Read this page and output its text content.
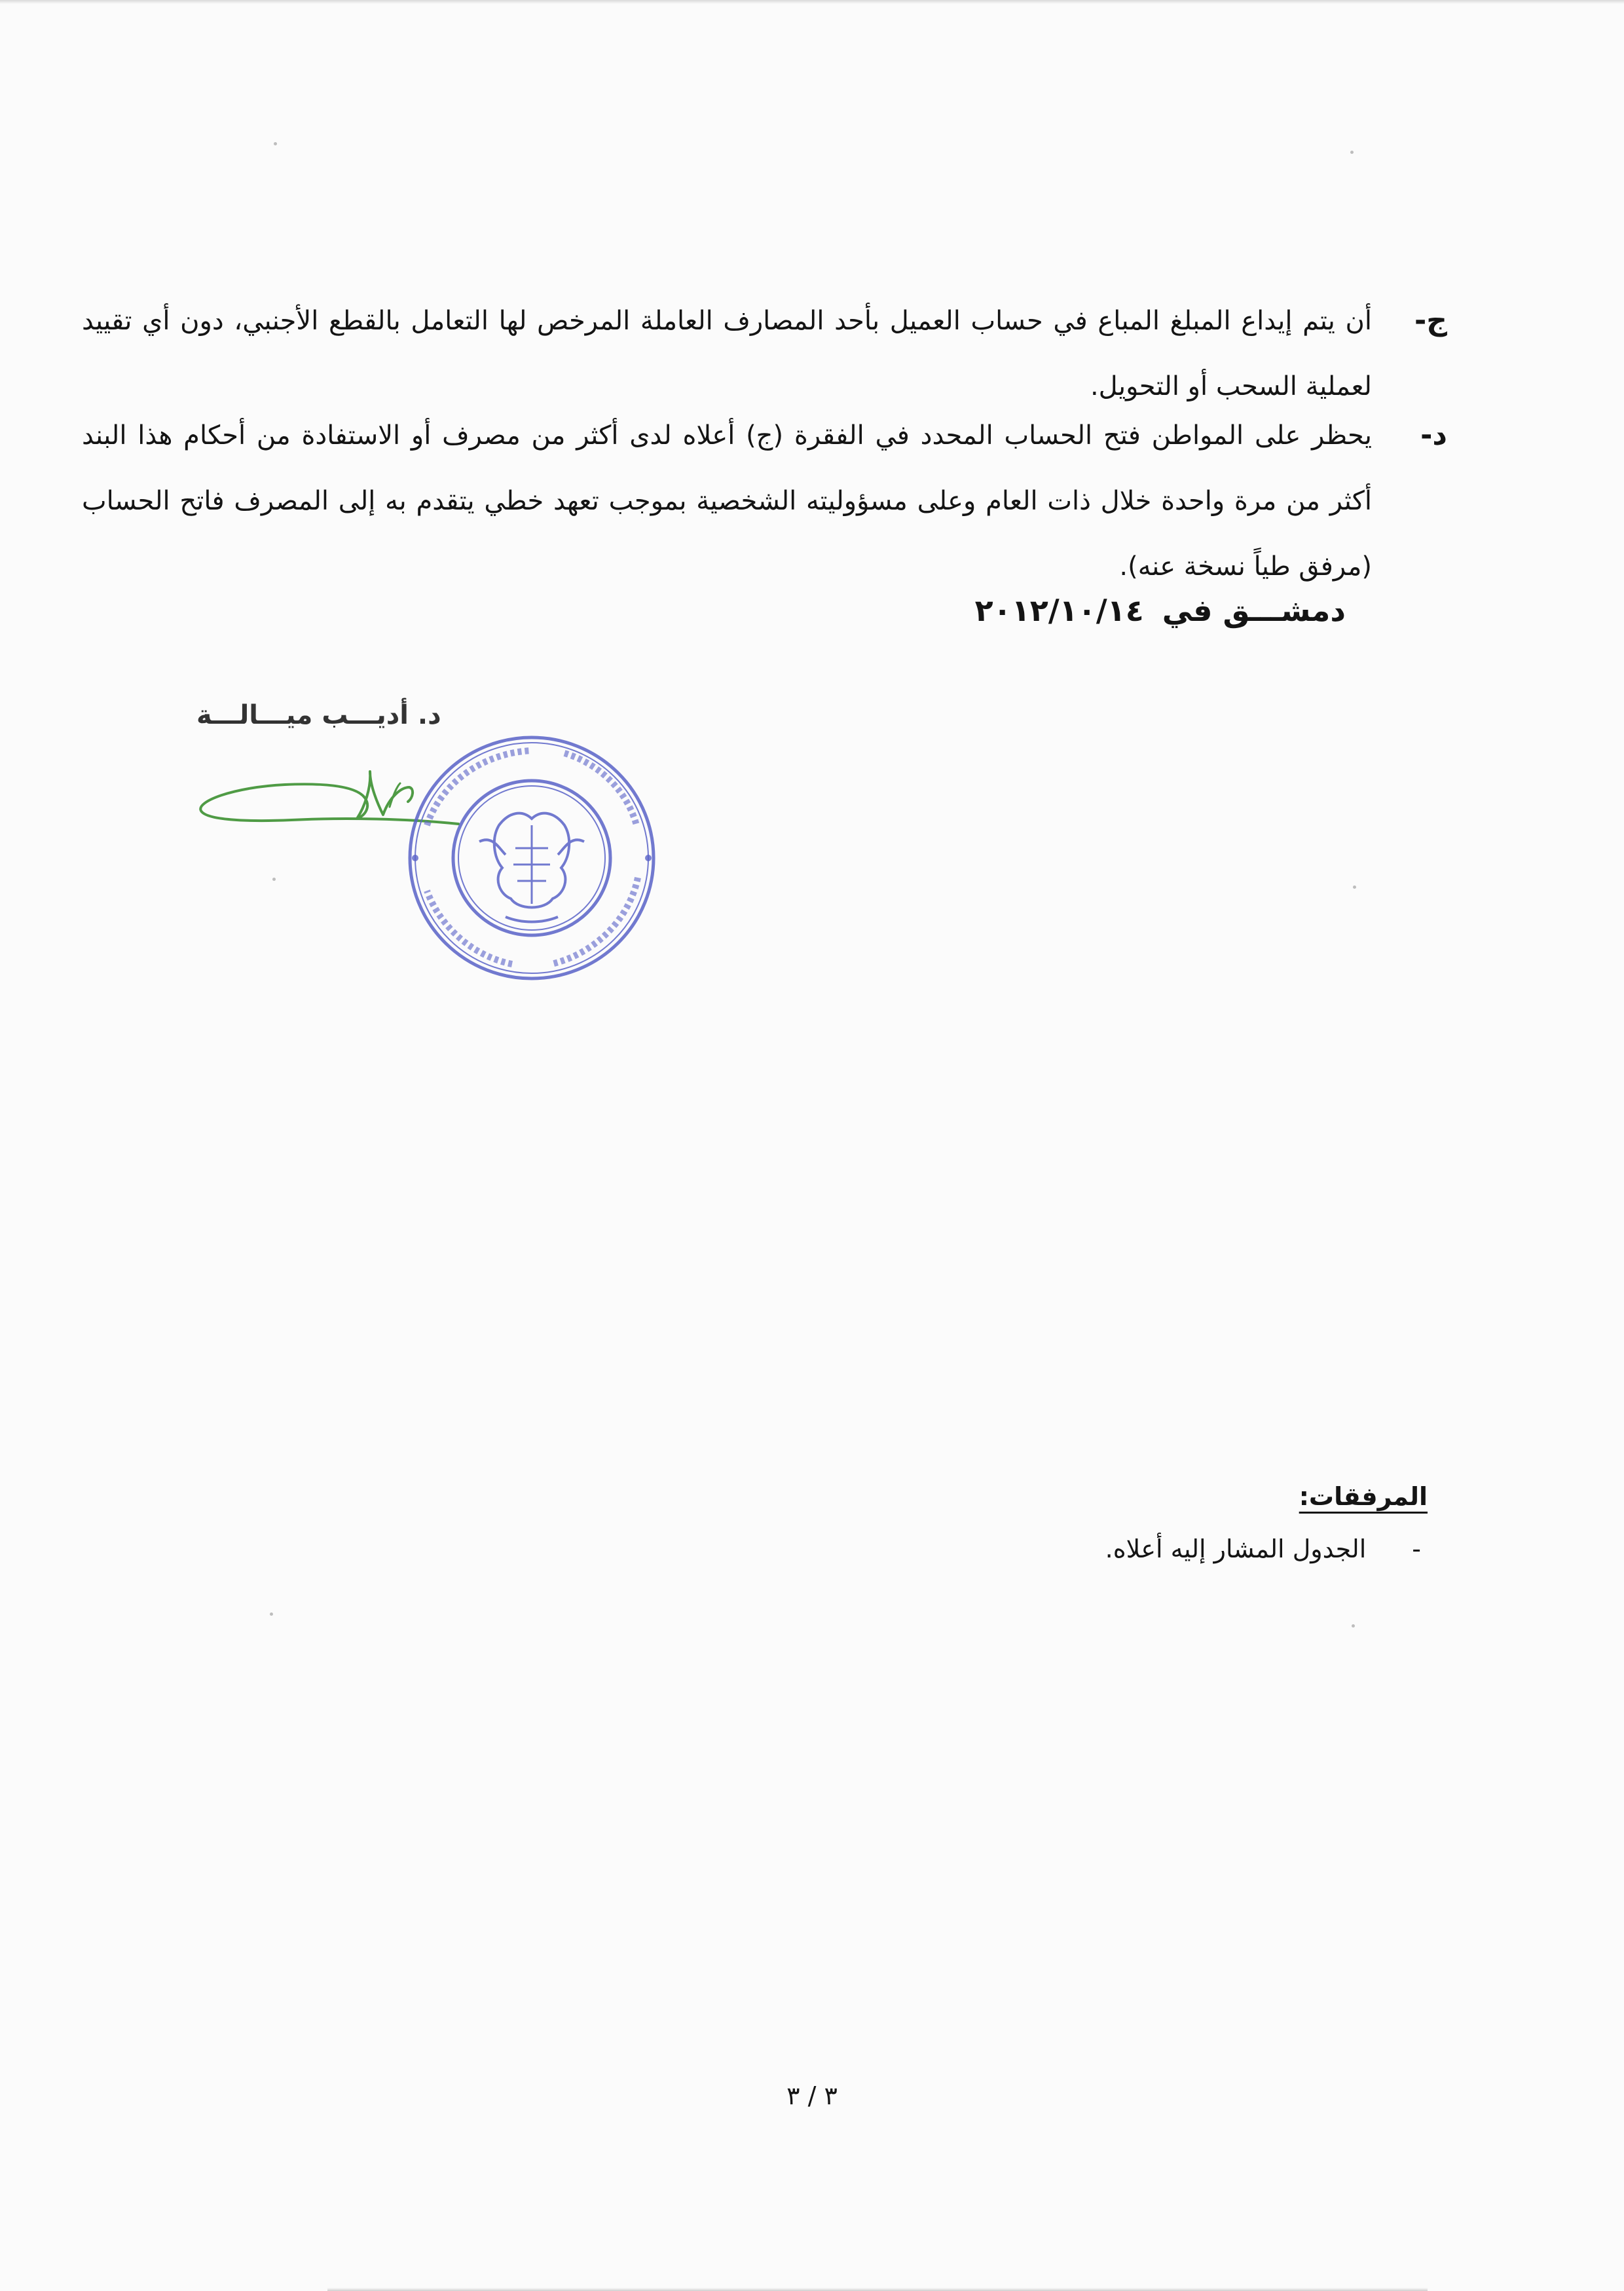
ج-
أن يتم إيداع المبلغ المباع في حساب العميل بأحد المصارف العاملة المرخص لها التعامل بالقطع الأجنبي، دون أي تقييد لعملية السحب أو التحويل.
د-
يحظر على المواطن فتح الحساب المحدد في الفقرة (ج) أعلاه لدى أكثر من مصرف أو الاستفادة من أحكام هذا البند أكثر من مرة واحدة خلال ذات العام وعلى مسؤوليته الشخصية بموجب تعهد خطي يتقدم به إلى المصرف فاتح الحساب (مرفق طياً نسخة عنه).
دمشـــق في٢٠١٢/١٠/١٤
د. أديـــب ميـــالـــة
المرفقات:
-الجدول المشار إليه أعلاه.
٣ / ٣
